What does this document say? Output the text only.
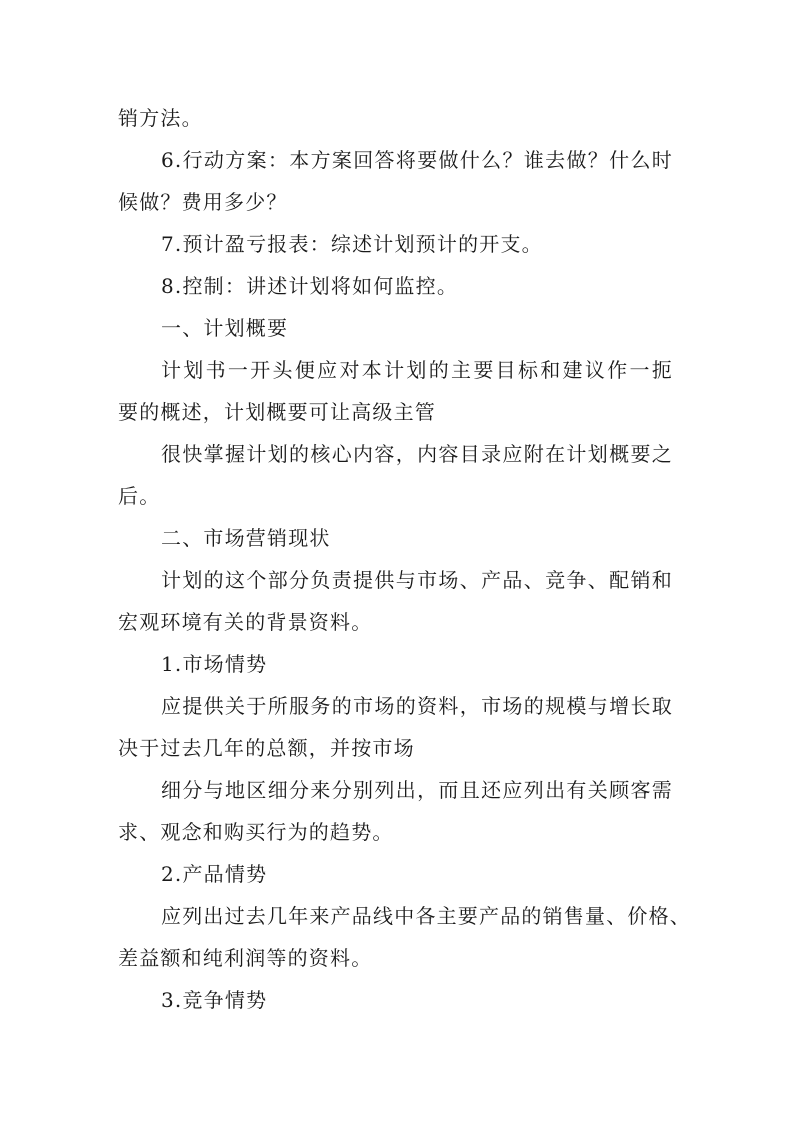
销方法。
6.行动方案：本方案回答将要做什么？谁去做？什么时
候做？费用多少？
7.预计盈亏报表：综述计划预计的开支。
8.控制：讲述计划将如何监控。
一、计划概要
计划书一开头便应对本计划的主要目标和建议作一扼
要的概述，计划概要可让高级主管
很快掌握计划的核心内容，内容目录应附在计划概要之
后。
二、市场营销现状
计划的这个部分负责提供与市场、产品、竞争、配销和
宏观环境有关的背景资料。
1.市场情势
应提供关于所服务的市场的资料，市场的规模与增长取
决于过去几年的总额，并按市场
细分与地区细分来分别列出，而且还应列出有关顾客需
求、观念和购买行为的趋势。
2.产品情势
应列出过去几年来产品线中各主要产品的销售量、价格、
差益额和纯利润等的资料。
3.竞争情势
